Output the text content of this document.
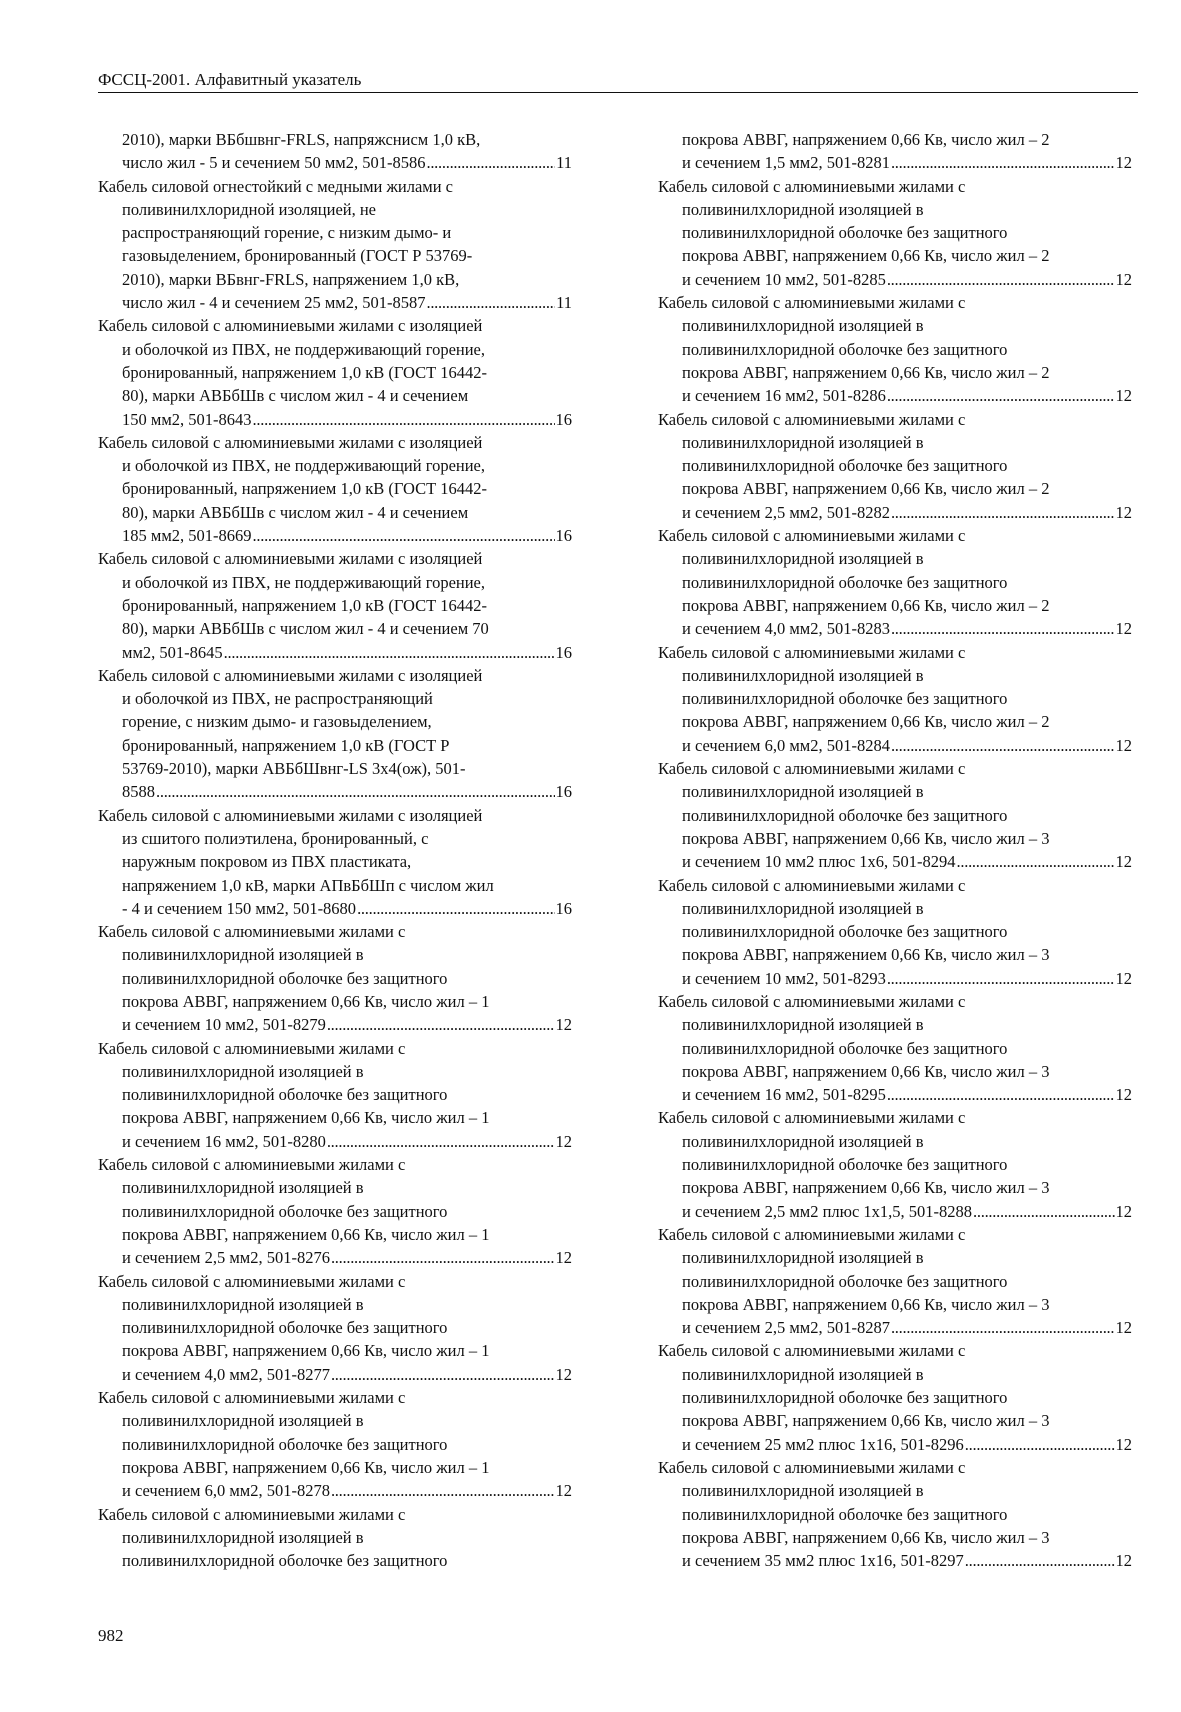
ФССЦ-2001. Алфавитный указатель
2010), марки ВБбшвнг-FRLS, напряжснисм 1,0 кВ,
число жил - 5 и сечением 50 мм2, 501-8586 . . .	11
Кабель силовой огнестойкий с медными жилами с
поливинилхлоридной изоляцией, не
распространяющий горение, с низким дымо- и
газовыделением, бронированный (ГОСТ Р 53769-
2010), марки ВБвнг-FRLS, напряжением 1,0 кВ,
число жил - 4 и сечением 25 мм2, 501-8587 . . .	11
Кабель силовой с алюминиевыми жилами с изоляцией
и оболочкой из ПВХ, не поддерживающий горение,
бронированный, напряжением 1,0 кВ (ГОСТ 16442-
80), марки АВБбШв с числом жил - 4 и сечением
150 мм2, 501-8643 . . .	16
Кабель силовой с алюминиевыми жилами с изоляцией
и оболочкой из ПВХ, не поддерживающий горение,
бронированный, напряжением 1,0 кВ (ГОСТ 16442-
80), марки АВБбШв с числом жил - 4 и сечением
185 мм2, 501-8669 . . .	16
Кабель силовой с алюминиевыми жилами с изоляцией
и оболочкой из ПВХ, не поддерживающий горение,
бронированный, напряжением 1,0 кВ (ГОСТ 16442-
80), марки АВБбШв с числом жил - 4 и сечением 70
мм2, 501-8645 . . .	16
Кабель силовой с алюминиевыми жилами с изоляцией
и оболочкой из ПВХ, не распространяющий
горение, с низким дымо- и газовыделением,
бронированный, напряжением 1,0 кВ (ГОСТ Р
53769-2010), марки АВБбШвнг-LS 3х4(ож), 501-
8588 . . .	16
Кабель силовой с алюминиевыми жилами с изоляцией
из сшитого полиэтилена, бронированный, с
наружным покровом из ПВХ пластиката,
напряжением 1,0 кВ, марки АПвБбШп с числом жил
- 4 и сечением 150 мм2, 501-8680 . . .	16
Кабель силовой с алюминиевыми жилами с
поливинилхлоридной изоляцией в
поливинилхлоридной оболочке без защитного
покрова АВВГ, напряжением 0,66 Кв, число жил – 1
и сечением 10 мм2, 501-8279 . . .	12
Кабель силовой с алюминиевыми жилами с
поливинилхлоридной изоляцией в
поливинилхлоридной оболочке без защитного
покрова АВВГ, напряжением 0,66 Кв, число жил – 1
и сечением 16 мм2, 501-8280 . . .	12
Кабель силовой с алюминиевыми жилами с
поливинилхлоридной изоляцией в
поливинилхлоридной оболочке без защитного
покрова АВВГ, напряжением 0,66 Кв, число жил – 1
и сечением 2,5 мм2, 501-8276 . . .	12
Кабель силовой с алюминиевыми жилами с
поливинилхлоридной изоляцией в
поливинилхлоридной оболочке без защитного
покрова АВВГ, напряжением 0,66 Кв, число жил – 1
и сечением 4,0 мм2, 501-8277 . . .	12
Кабель силовой с алюминиевыми жилами с
поливинилхлоридной изоляцией в
поливинилхлоридной оболочке без защитного
покрова АВВГ, напряжением 0,66 Кв, число жил – 1
и сечением 6,0 мм2, 501-8278 . . .	12
Кабель силовой с алюминиевыми жилами с
поливинилхлоридной изоляцией в
поливинилхлоридной оболочке без защитного
покрова АВВГ, напряжением 0,66 Кв, число жил – 2
и сечением 1,5 мм2, 501-8281 . . .	12
Кабель силовой с алюминиевыми жилами с
поливинилхлоридной изоляцией в
поливинилхлоридной оболочке без защитного
покрова АВВГ, напряжением 0,66 Кв, число жил – 2
и сечением 10 мм2, 501-8285 . . .	12
Кабель силовой с алюминиевыми жилами с
поливинилхлоридной изоляцией в
поливинилхлоридной оболочке без защитного
покрова АВВГ, напряжением 0,66 Кв, число жил – 2
и сечением 16 мм2, 501-8286 . . .	12
Кабель силовой с алюминиевыми жилами с
поливинилхлоридной изоляцией в
поливинилхлоридной оболочке без защитного
покрова АВВГ, напряжением 0,66 Кв, число жил – 2
и сечением 2,5 мм2, 501-8282 . . .	12
Кабель силовой с алюминиевыми жилами с
поливинилхлоридной изоляцией в
поливинилхлоридной оболочке без защитного
покрова АВВГ, напряжением 0,66 Кв, число жил – 2
и сечением 4,0 мм2, 501-8283 . . .	12
Кабель силовой с алюминиевыми жилами с
поливинилхлоридной изоляцией в
поливинилхлоридной оболочке без защитного
покрова АВВГ, напряжением 0,66 Кв, число жил – 2
и сечением 6,0 мм2, 501-8284 . . .	12
Кабель силовой с алюминиевыми жилами с
поливинилхлоридной изоляцией в
поливинилхлоридной оболочке без защитного
покрова АВВГ, напряжением 0,66 Кв, число жил – 3
и сечением 10 мм2 плюс 1х6, 501-8294 . . .	12
Кабель силовой с алюминиевыми жилами с
поливинилхлоридной изоляцией в
поливинилхлоридной оболочке без защитного
покрова АВВГ, напряжением 0,66 Кв, число жил – 3
и сечением 10 мм2, 501-8293 . . .	12
Кабель силовой с алюминиевыми жилами с
поливинилхлоридной изоляцией в
поливинилхлоридной оболочке без защитного
покрова АВВГ, напряжением 0,66 Кв, число жил – 3
и сечением 16 мм2, 501-8295 . . .	12
Кабель силовой с алюминиевыми жилами с
поливинилхлоридной изоляцией в
поливинилхлоридной оболочке без защитного
покрова АВВГ, напряжением 0,66 Кв, число жил – 3
и сечением 2,5 мм2 плюс 1х1,5, 501-8288 . . .	12
Кабель силовой с алюминиевыми жилами с
поливинилхлоридной изоляцией в
поливинилхлоридной оболочке без защитного
покрова АВВГ, напряжением 0,66 Кв, число жил – 3
и сечением 2,5 мм2, 501-8287 . . .	12
Кабель силовой с алюминиевыми жилами с
поливинилхлоридной изоляцией в
поливинилхлоридной оболочке без защитного
покрова АВВГ, напряжением 0,66 Кв, число жил – 3
и сечением 25 мм2 плюс 1х16, 501-8296 . . .	12
Кабель силовой с алюминиевыми жилами с
поливинилхлоридной изоляцией в
поливинилхлоридной оболочке без защитного
покрова АВВГ, напряжением 0,66 Кв, число жил – 3
и сечением 35 мм2 плюс 1х16, 501-8297 . . .	12
982
